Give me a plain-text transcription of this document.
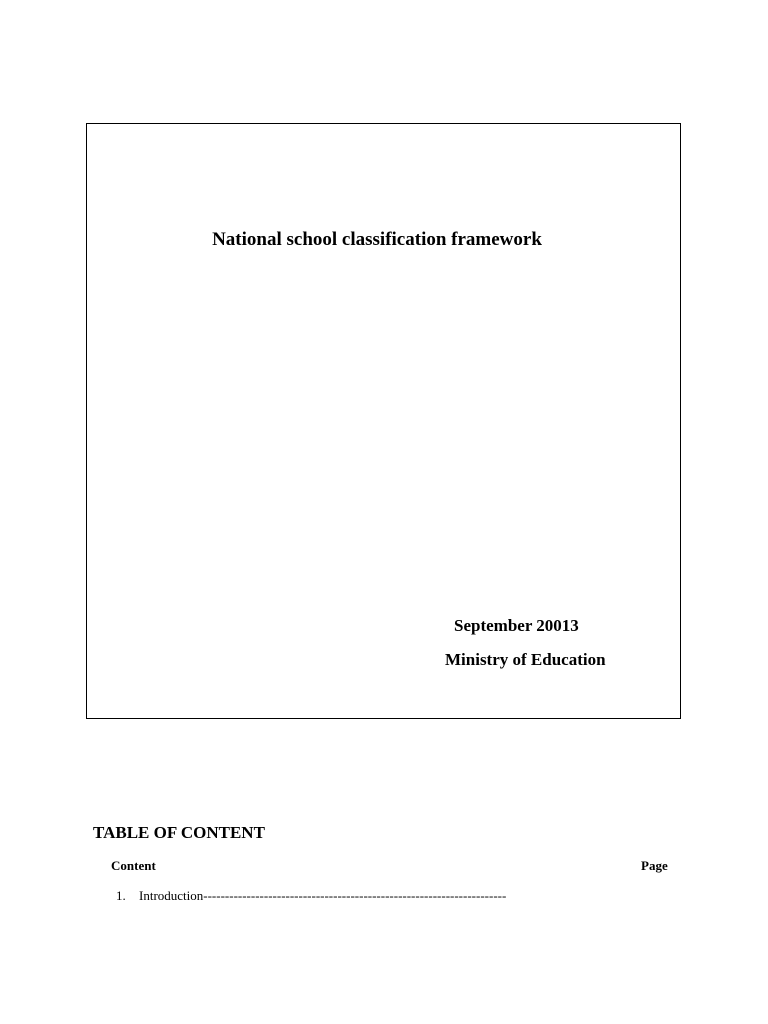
National school classification framework
September 20013
Ministry of Education
TABLE OF CONTENT
Content	Page
1. Introduction----------------------------------------------------------------------
